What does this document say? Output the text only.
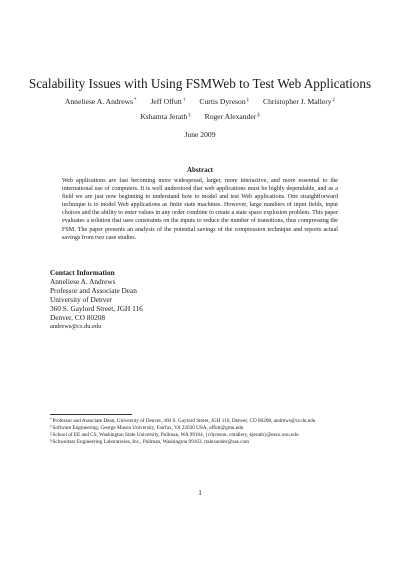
Scalability Issues with Using FSMWeb to Test Web Applications
Anneliese A. Andrews* Jeff Offutt† Curtis Dyreson‡ Christopher J. Mallery‡
Kshamta Jerath‡ Roger Alexander§
June 2009
Abstract
Web applications are fast becoming more widespread, larger, more interactive, and more essential to the international use of computers. It is well understood that web applications must be highly dependable, and as a field we are just now beginning to understand how to model and test Web applications. One straightforward technique is to model Web applications as finite state machines. However, large numbers of input fields, input choices and the ability to enter values in any order combine to create a state space explosion problem. This paper evaluates a solution that uses constraints on the inputs to reduce the number of transitions, thus compressing the FSM. The paper presents an analysis of the potential savings of the compression technique and reports actual savings from two case studies.
Contact Information
Anneliese A. Andrews
Professor and Associate Dean
University of Denver
360 S. Gaylord Street, JGH 116
Denver, CO 80208
andrews@cs.du.edu
*Professor and Associate Dean, University of Denver, 360 S. Gaylord Street, JGH 116, Denver, CO 80208, andrews@cs.du.edu
†Software Engineering, George Mason University, Fairfax, VA 22030 USA, offutt@gmu.edu
‡School of EE and CS, Washington State University, Pullman, WA 99164, {cdyreson, cmallery, kjerath}@eecs.wsu.edu
§Schweitzer Engineering Laboratories, Inc., Pullman, Washington 99163, rtalexander@sae.com
1
